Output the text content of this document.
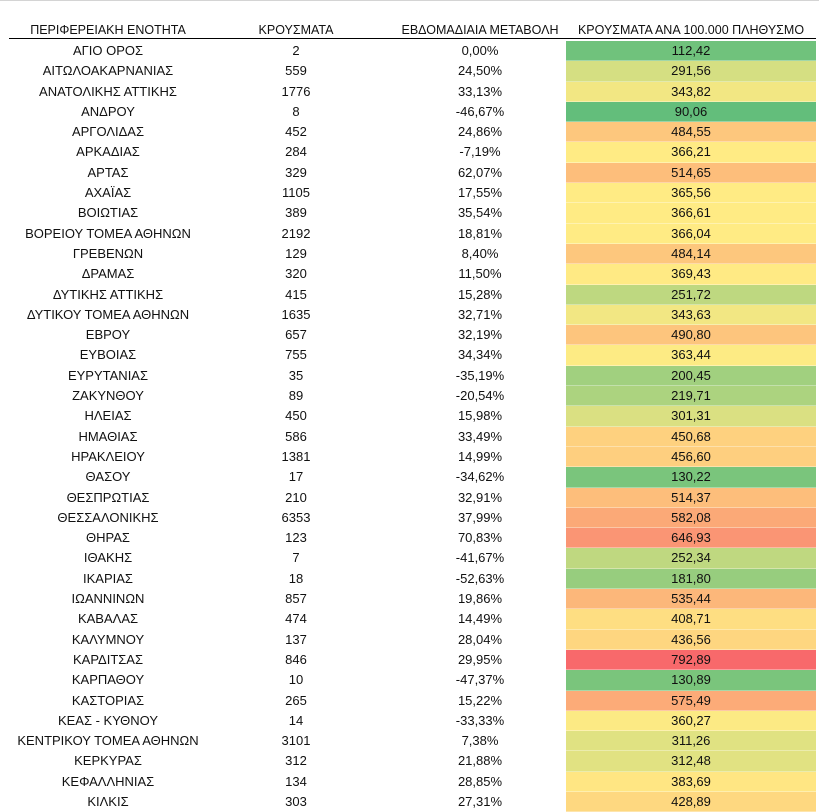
ΠΕΡΙΦΕΡΕΙΑΚΗ ΕΝΟΤΗΤΑ	ΚΡΟΥΣΜΑΤΑ	ΕΒΔΟΜΑΔΙΑΙΑ ΜΕΤΑΒΟΛΗ	ΚΡΟΥΣΜΑΤΑ ΑΝΑ 100.000 ΠΛΗΘΥΣΜΟ
ΑΓΙΟ ΟΡΟΣ	2	0,00%	112,42
ΑΙΤΩΛΟΑΚΑΡΝΑΝΙΑΣ	559	24,50%	291,56
ΑΝΑΤΟΛΙΚΗΣ ΑΤΤΙΚΗΣ	1776	33,13%	343,82
ΑΝΔΡΟΥ	8	-46,67%	90,06
ΑΡΓΟΛΙΔΑΣ	452	24,86%	484,55
ΑΡΚΑΔΙΑΣ	284	-7,19%	366,21
ΑΡΤΑΣ	329	62,07%	514,65
ΑΧΑΪΑΣ	1105	17,55%	365,56
ΒΟΙΩΤΙΑΣ	389	35,54%	366,61
ΒΟΡΕΙΟΥ ΤΟΜΕΑ ΑΘΗΝΩΝ	2192	18,81%	366,04
ΓΡΕΒΕΝΩΝ	129	8,40%	484,14
ΔΡΑΜΑΣ	320	11,50%	369,43
ΔΥΤΙΚΗΣ ΑΤΤΙΚΗΣ	415	15,28%	251,72
ΔΥΤΙΚΟΥ ΤΟΜΕΑ ΑΘΗΝΩΝ	1635	32,71%	343,63
ΕΒΡΟΥ	657	32,19%	490,80
ΕΥΒΟΙΑΣ	755	34,34%	363,44
ΕΥΡΥΤΑΝΙΑΣ	35	-35,19%	200,45
ΖΑΚΥΝΘΟΥ	89	-20,54%	219,71
ΗΛΕΙΑΣ	450	15,98%	301,31
ΗΜΑΘΙΑΣ	586	33,49%	450,68
ΗΡΑΚΛΕΙΟΥ	1381	14,99%	456,60
ΘΑΣΟΥ	17	-34,62%	130,22
ΘΕΣΠΡΩΤΙΑΣ	210	32,91%	514,37
ΘΕΣΣΑΛΟΝΙΚΗΣ	6353	37,99%	582,08
ΘΗΡΑΣ	123	70,83%	646,93
ΙΘΑΚΗΣ	7	-41,67%	252,34
ΙΚΑΡΙΑΣ	18	-52,63%	181,80
ΙΩΑΝΝΙΝΩΝ	857	19,86%	535,44
ΚΑΒΑΛΑΣ	474	14,49%	408,71
ΚΑΛΥΜΝΟΥ	137	28,04%	436,56
ΚΑΡΔΙΤΣΑΣ	846	29,95%	792,89
ΚΑΡΠΑΘΟΥ	10	-47,37%	130,89
ΚΑΣΤΟΡΙΑΣ	265	15,22%	575,49
ΚΕΑΣ - ΚΥΘΝΟΥ	14	-33,33%	360,27
ΚΕΝΤΡΙΚΟΥ ΤΟΜΕΑ ΑΘΗΝΩΝ	3101	7,38%	311,26
ΚΕΡΚΥΡΑΣ	312	21,88%	312,48
ΚΕΦΑΛΛΗΝΙΑΣ	134	28,85%	383,69
ΚΙΛΚΙΣ	303	27,31%	428,89
